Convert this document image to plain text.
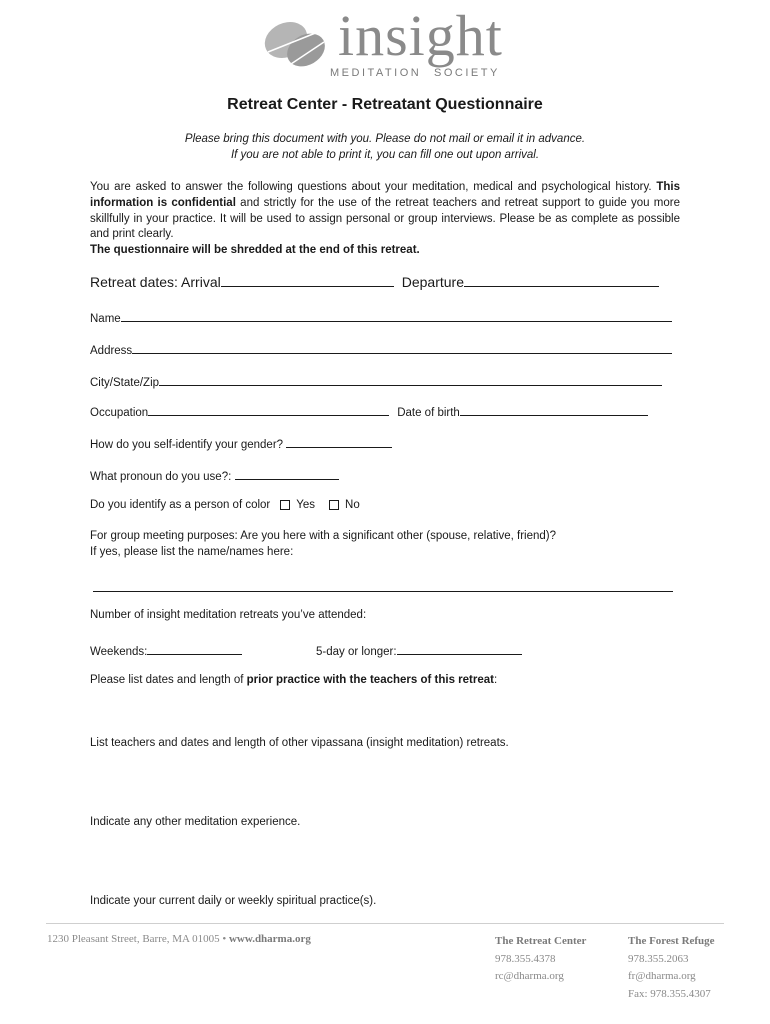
insight
MEDITATION SOCIETY
Retreat Center - Retreatant Questionnaire
Please bring this document with you. Please do not mail or email it in advance.
If you are not able to print it, you can fill one out upon arrival.
You are asked to answer the following questions about your meditation, medical and psychological history. This information is confidential and strictly for the use of the retreat teachers and retreat support to guide you more skillfully in your practice. It will be used to assign personal or group interviews. Please be as complete as possible and print clearly.
The questionnaire will be shredded at the end of this retreat.
Retreat dates: Arrival	Departure
Name
Address
City/State/Zip
Occupation	Date of birth
How do you self-identify your gender?
What pronoun do you use?:
Do you identify as a person of color Yes	No
For group meeting purposes: Are you here with a significant other (spouse, relative, friend)?
If yes, please list the name/names here:
Number of insight meditation retreats you’ve attended:
Weekends:	5-day or longer:
Please list dates and length of prior practice with the teachers of this retreat:
List teachers and dates and length of other vipassana (insight meditation) retreats.
Indicate any other meditation experience.
Indicate your current daily or weekly spiritual practice(s).
1230 Pleasant Street, Barre, MA 01005 • www.dharma.org	The Retreat Center
978.355.4378
rc@dharma.org
The Forest Refuge
978.355.2063
fr@dharma.org
Fax: 978.355.4307
